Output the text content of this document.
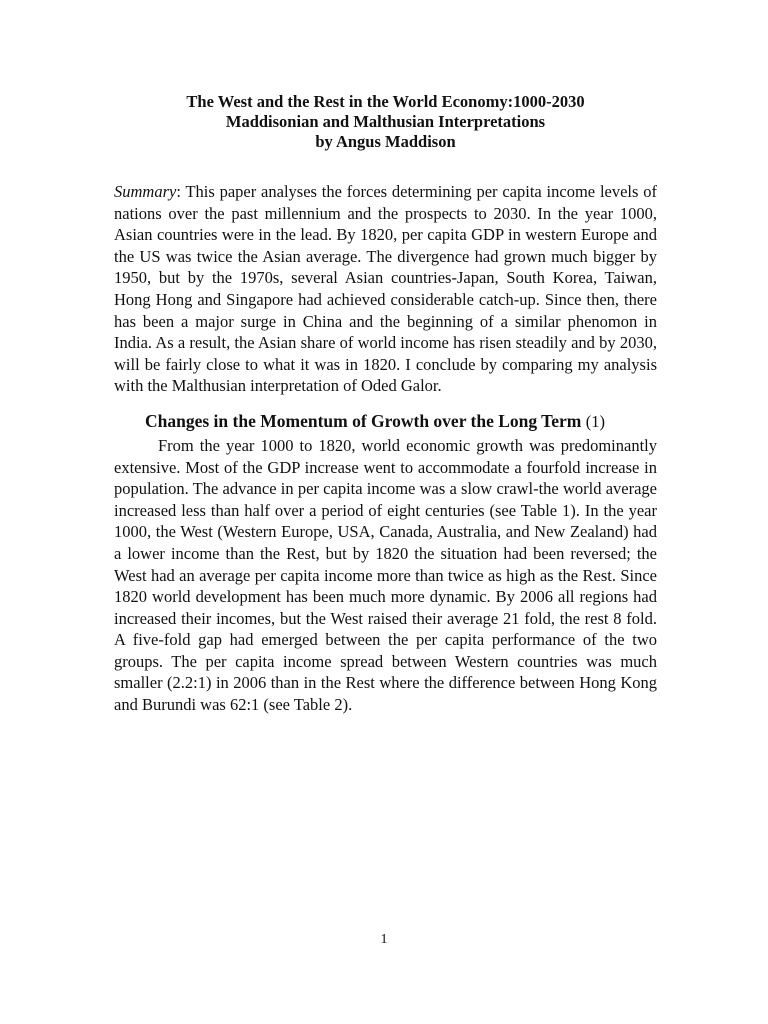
The West and the Rest in the World Economy:1000-2030
Maddisonian and Malthusian Interpretations
by Angus Maddison

Summary: This paper analyses the forces determining per capita income levels of nations over the past millennium and the prospects to 2030. In the year 1000, Asian countries were in the lead. By 1820, per capita GDP in western Europe and the US was twice the Asian average. The divergence had grown much bigger by 1950, but by the 1970s, several Asian countries-Japan, South Korea, Taiwan, Hong Hong and Singapore had achieved considerable catch-up. Since then, there has been a major surge in China and the beginning of a similar phenomon in India. As a result, the Asian share of world income has risen steadily and by 2030, will be fairly close to what it was in 1820. I conclude by comparing my analysis with the Malthusian interpretation of Oded Galor.

Changes in the Momentum of Growth over the Long Term (1)

From the year 1000 to 1820, world economic growth was predominantly extensive. Most of the GDP increase went to accommodate a fourfold increase in population. The advance in per capita income was a slow crawl-the world average increased less than half over a period of eight centuries (see Table 1). In the year 1000, the West (Western Europe, USA, Canada, Australia, and New Zealand) had a lower income than the Rest, but by 1820 the situation had been reversed; the West had an average per capita income more than twice as high as the Rest. Since 1820 world development has been much more dynamic. By 2006 all regions had increased their incomes, but the West raised their average 21 fold, the rest 8 fold. A five-fold gap had emerged between the per capita performance of the two groups. The per capita income spread between Western countries was much smaller (2.2:1) in 2006 than in the Rest where the difference between Hong Kong and Burundi was 62:1 (see Table 2).

1
